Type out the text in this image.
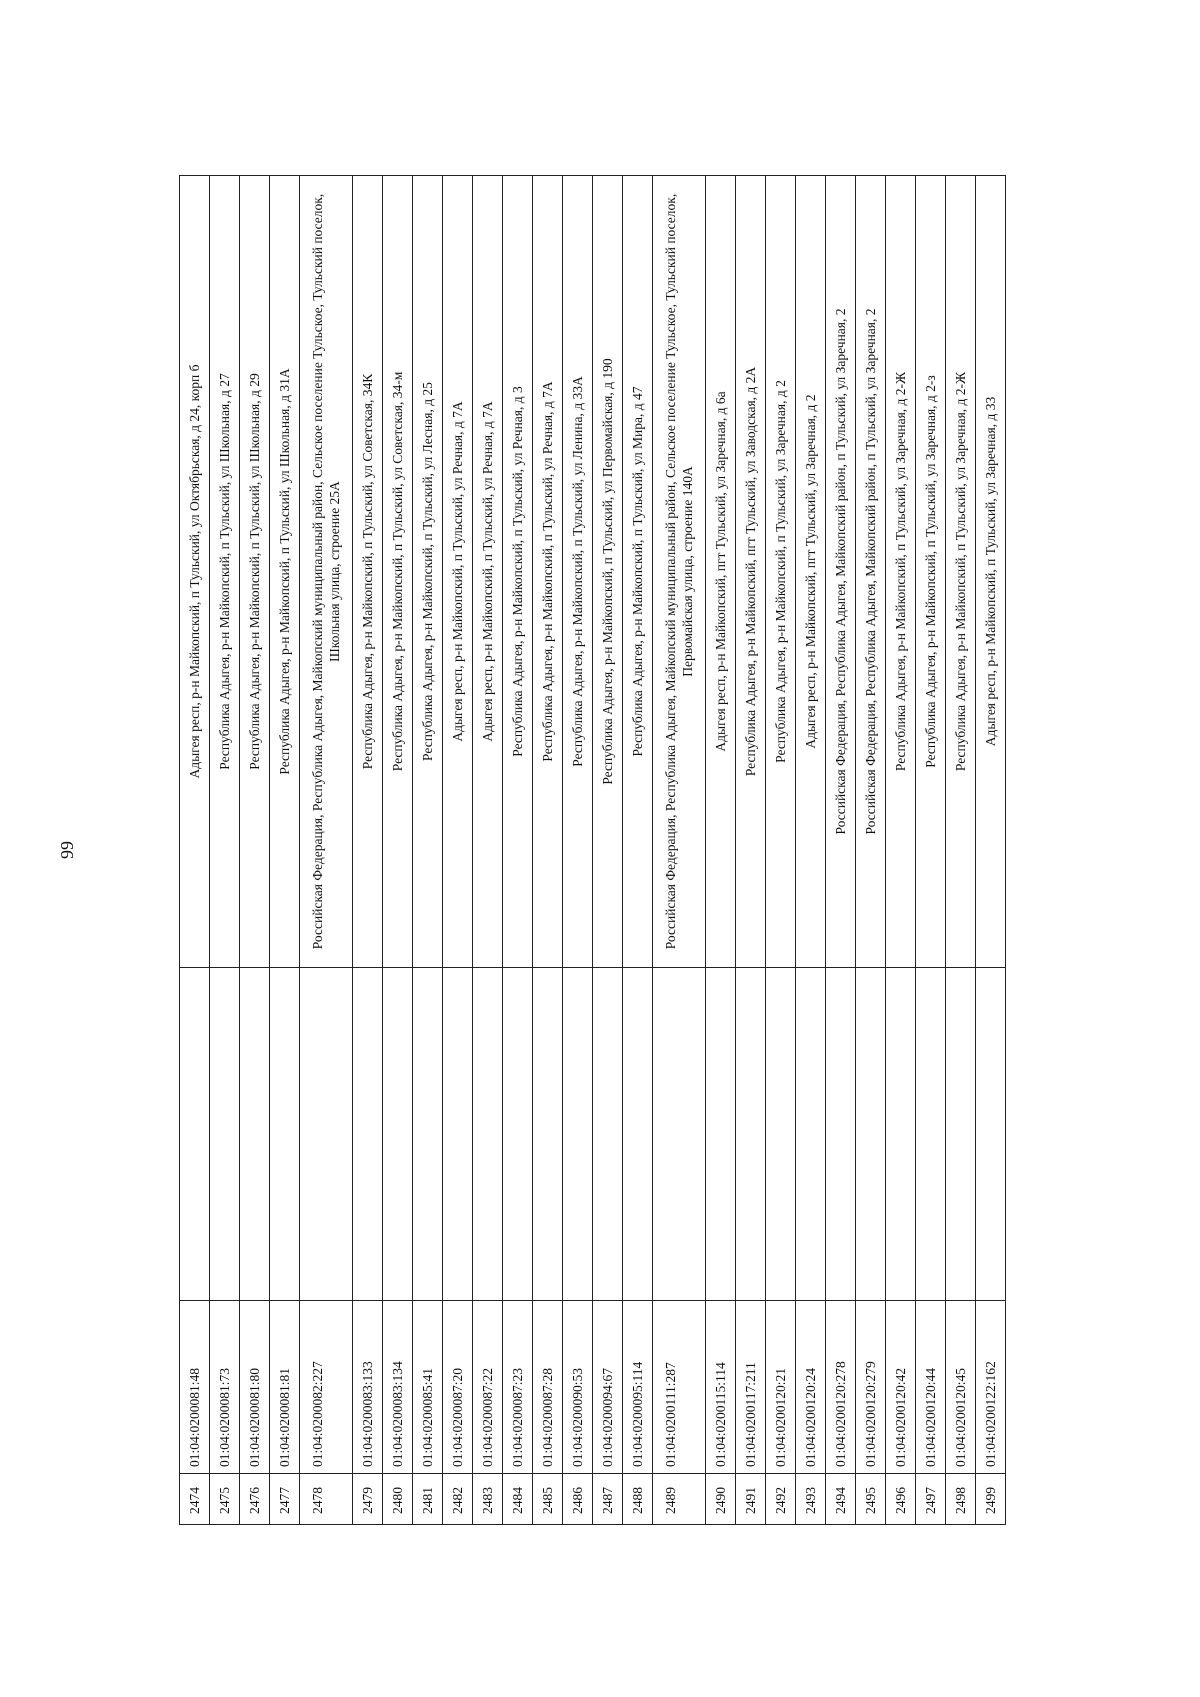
99
2474	01:04:0200081:48		Адыгея респ, р-н Майкопский, п Тульский, ул Октябрьская, д 24, корп б
2475	01:04:0200081:73		Республика Адыгея, р-н Майкопский, п Тульский, ул Школьная, д 27
2476	01:04:0200081:80		Республика Адыгея, р-н Майкопский, п Тульский, ул Школьная, д 29
2477	01:04:0200081:81		Республика Адыгея, р-н Майкопский, п Тульский, ул Школьная, д 31А
2478	01:04:0200082:227		Российская Федерация, Республика Адыгея, Майкопский муниципальный район, Сельское поселение Тульское, Тульский поселок, Школьная улица, строение 25А
2479	01:04:0200083:133		Республика Адыгея, р-н Майкопский, п Тульский, ул Советская, 34К
2480	01:04:0200083:134		Республика Адыгея, р-н Майкопский, п Тульский, ул Советская, 34-м
2481	01:04:0200085:41		Республика Адыгея, р-н Майкопский, п Тульский, ул Лесная, д 25
2482	01:04:0200087:20		Адыгея респ, р-н Майкопский, п Тульский, ул Речная, д 7А
2483	01:04:0200087:22		Адыгея респ, р-н Майкопский, п Тульский, ул Речная, д 7А
2484	01:04:0200087:23		Республика Адыгея, р-н Майкопский, п Тульский, ул Речная, д 3
2485	01:04:0200087:28		Республика Адыгея, р-н Майкопский, п Тульский, ул Речная, д 7А
2486	01:04:0200090:53		Республика Адыгея, р-н Майкопский, п Тульский, ул Ленина, д 33А
2487	01:04:0200094:67		Республика Адыгея, р-н Майкопский, п Тульский, ул Первомайская, д 190
2488	01:04:0200095:114		Республика Адыгея, р-н Майкопский, п Тульский, ул Мира, д 47
2489	01:04:0200111:287		Российская Федерация, Республика Адыгея, Майкопский муниципальный район, Сельское поселение Тульское, Тульский поселок, Первомайская улица, строение 140А
2490	01:04:0200115:114		Адыгея респ, р-н Майкопский, пгт Тульский, ул Заречная, д 6а
2491	01:04:0200117:211		Республика Адыгея, р-н Майкопский, пгт Тульский, ул Заводская, д 2А
2492	01:04:0200120:21		Республика Адыгея, р-н Майкопский, п Тульский, ул Заречная, д 2
2493	01:04:0200120:24		Адыгея респ, р-н Майкопский, пгт Тульский, ул Заречная, д 2
2494	01:04:0200120:278		Российская Федерация, Республика Адыгея, Майкопский район, п Тульский, ул Заречная, 2
2495	01:04:0200120:279		Российская Федерация, Республика Адыгея, Майкопский район, п Тульский, ул Заречная, 2
2496	01:04:0200120:42		Республика Адыгея, р-н Майкопский, п Тульский, ул Заречная, д 2-Ж
2497	01:04:0200120:44		Республика Адыгея, р-н Майкопский, п Тульский, ул Заречная, д 2-з
2498	01:04:0200120:45		Республика Адыгея, р-н Майкопский, п Тульский, ул Заречная, д 2-Ж
2499	01:04:0200122:162		Адыгея респ, р-н Майкопский, п Тульский, ул Заречная, д 33
